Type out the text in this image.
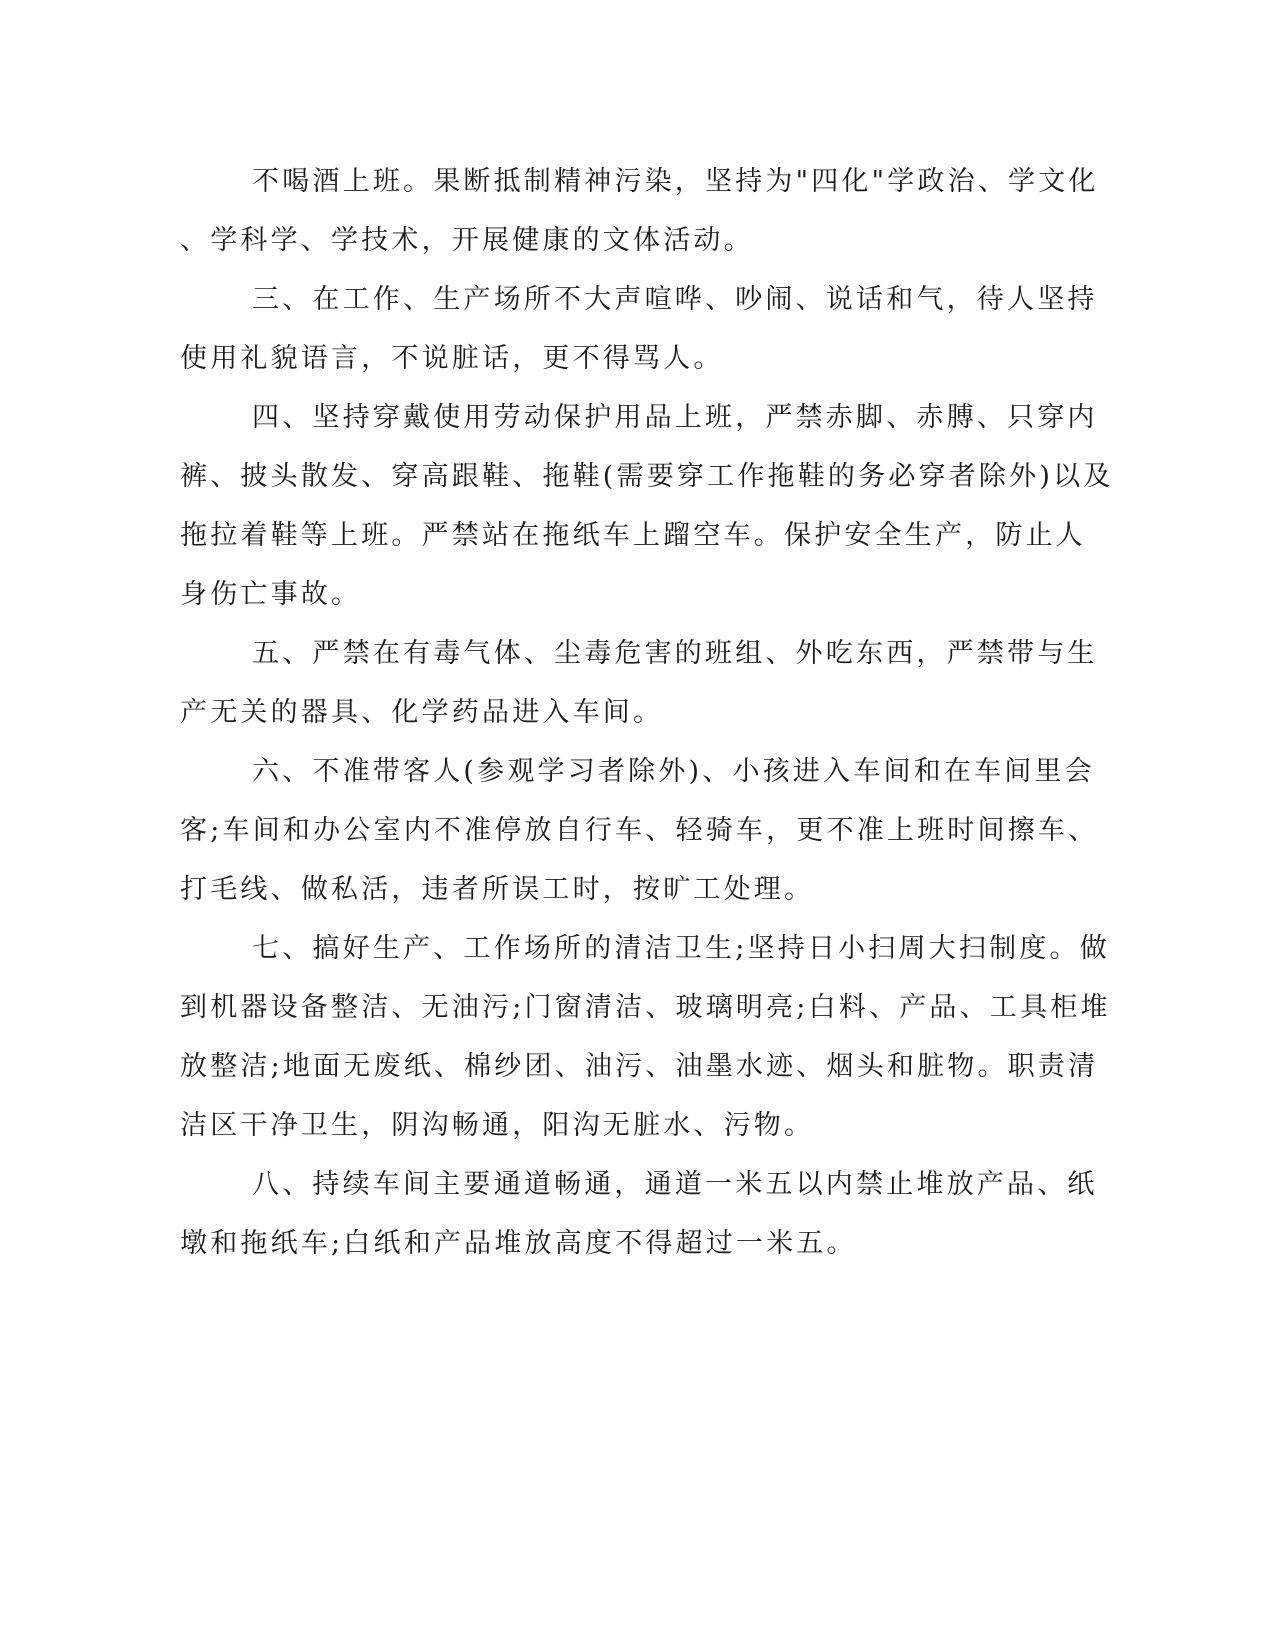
不喝酒上班。果断抵制精神污染，坚持为"四化"学政治、学文化
、学科学、学技术，开展健康的文体活动。
三、在工作、生产场所不大声喧哗、吵闹、说话和气，待人坚持
使用礼貌语言，不说脏话，更不得骂人。
四、坚持穿戴使用劳动保护用品上班，严禁赤脚、赤膊、只穿内
裤、披头散发、穿高跟鞋、拖鞋(需要穿工作拖鞋的务必穿者除外)以及
拖拉着鞋等上班。严禁站在拖纸车上蹓空车。保护安全生产，防止人
身伤亡事故。
五、严禁在有毒气体、尘毒危害的班组、外吃东西，严禁带与生
产无关的器具、化学药品进入车间。
六、不准带客人(参观学习者除外)、小孩进入车间和在车间里会
客;车间和办公室内不准停放自行车、轻骑车，更不准上班时间擦车、
打毛线、做私活，违者所误工时，按旷工处理。
七、搞好生产、工作场所的清洁卫生;坚持日小扫周大扫制度。做
到机器设备整洁、无油污;门窗清洁、玻璃明亮;白料、产品、工具柜堆
放整洁;地面无废纸、棉纱团、油污、油墨水迹、烟头和脏物。职责清
洁区干净卫生，阴沟畅通，阳沟无脏水、污物。
八、持续车间主要通道畅通，通道一米五以内禁止堆放产品、纸
墩和拖纸车;白纸和产品堆放高度不得超过一米五。
